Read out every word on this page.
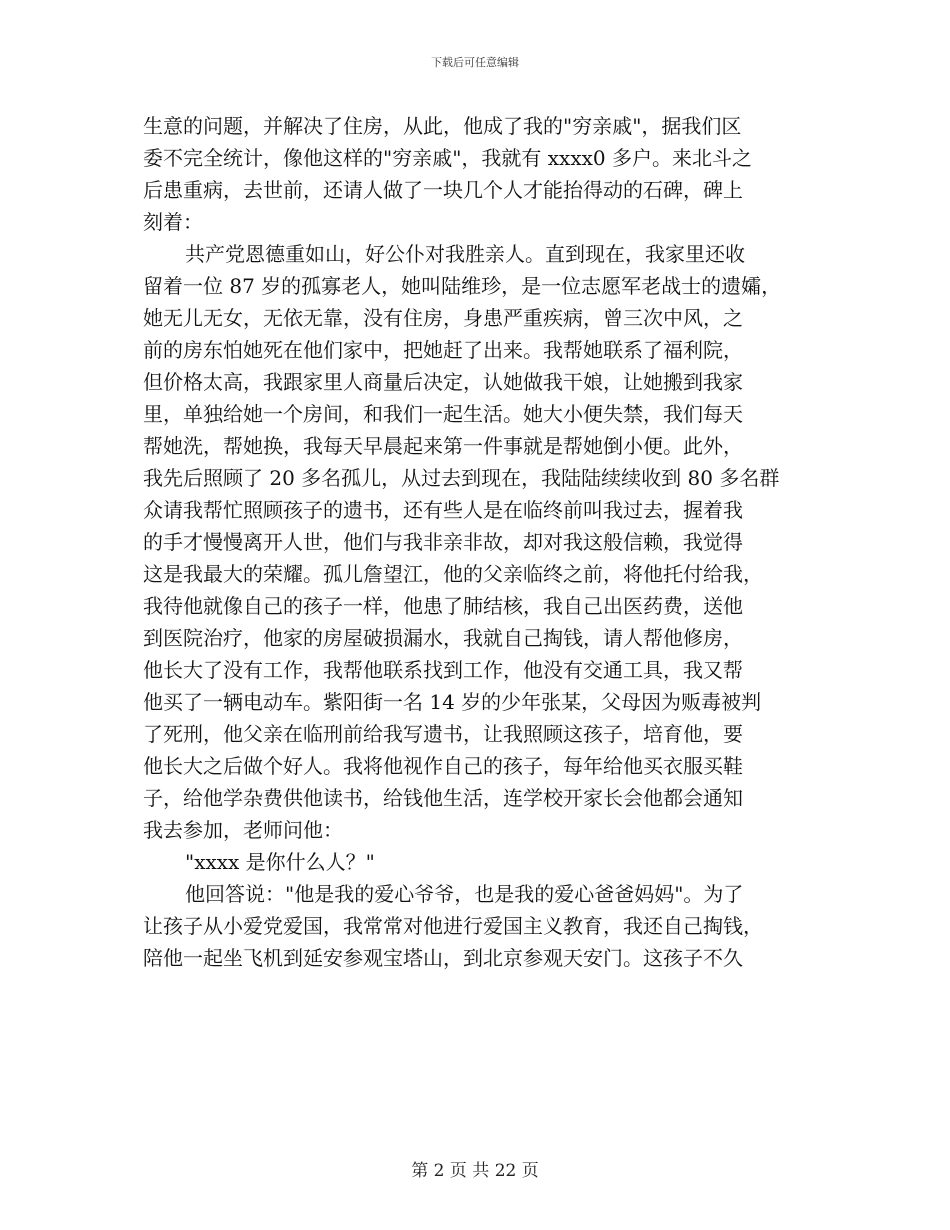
下载后可任意编辑
生意的问题，并解决了住房，从此，他成了我的"穷亲戚"，据我们区
委不完全统计，像他这样的"穷亲戚"，我就有 xxxx0 多户。来北斗之
后患重病，去世前，还请人做了一块几个人才能抬得动的石碑，碑上
刻着：
共产党恩德重如山，好公仆对我胜亲人。直到现在，我家里还收
留着一位 87 岁的孤寡老人，她叫陆维珍，是一位志愿军老战士的遗孀，
她无儿无女，无依无靠，没有住房，身患严重疾病，曾三次中风，之
前的房东怕她死在他们家中，把她赶了出来。我帮她联系了福利院，
但价格太高，我跟家里人商量后决定，认她做我干娘，让她搬到我家
里，单独给她一个房间，和我们一起生活。她大小便失禁，我们每天
帮她洗，帮她换，我每天早晨起来第一件事就是帮她倒小便。此外，
我先后照顾了 20 多名孤儿，从过去到现在，我陆陆续续收到 80 多名群
众请我帮忙照顾孩子的遗书，还有些人是在临终前叫我过去，握着我
的手才慢慢离开人世，他们与我非亲非故，却对我这般信赖，我觉得
这是我最大的荣耀。孤儿詹望江，他的父亲临终之前，将他托付给我，
我待他就像自己的孩子一样，他患了肺结核，我自己出医药费，送他
到医院治疗，他家的房屋破损漏水，我就自己掏钱，请人帮他修房，
他长大了没有工作，我帮他联系找到工作，他没有交通工具，我又帮
他买了一辆电动车。紫阳街一名 14 岁的少年张某，父母因为贩毒被判
了死刑，他父亲在临刑前给我写遗书，让我照顾这孩子，培育他，要
他长大之后做个好人。我将他视作自己的孩子，每年给他买衣服买鞋
子，给他学杂费供他读书，给钱他生活，连学校开家长会他都会通知
我去参加，老师问他：
"xxxx 是你什么人？"
他回答说："他是我的爱心爷爷，也是我的爱心爸爸妈妈"。为了
让孩子从小爱党爱国，我常常对他进行爱国主义教育，我还自己掏钱，
陪他一起坐飞机到延安参观宝塔山，到北京参观天安门。这孩子不久
第 2 页 共 22 页
